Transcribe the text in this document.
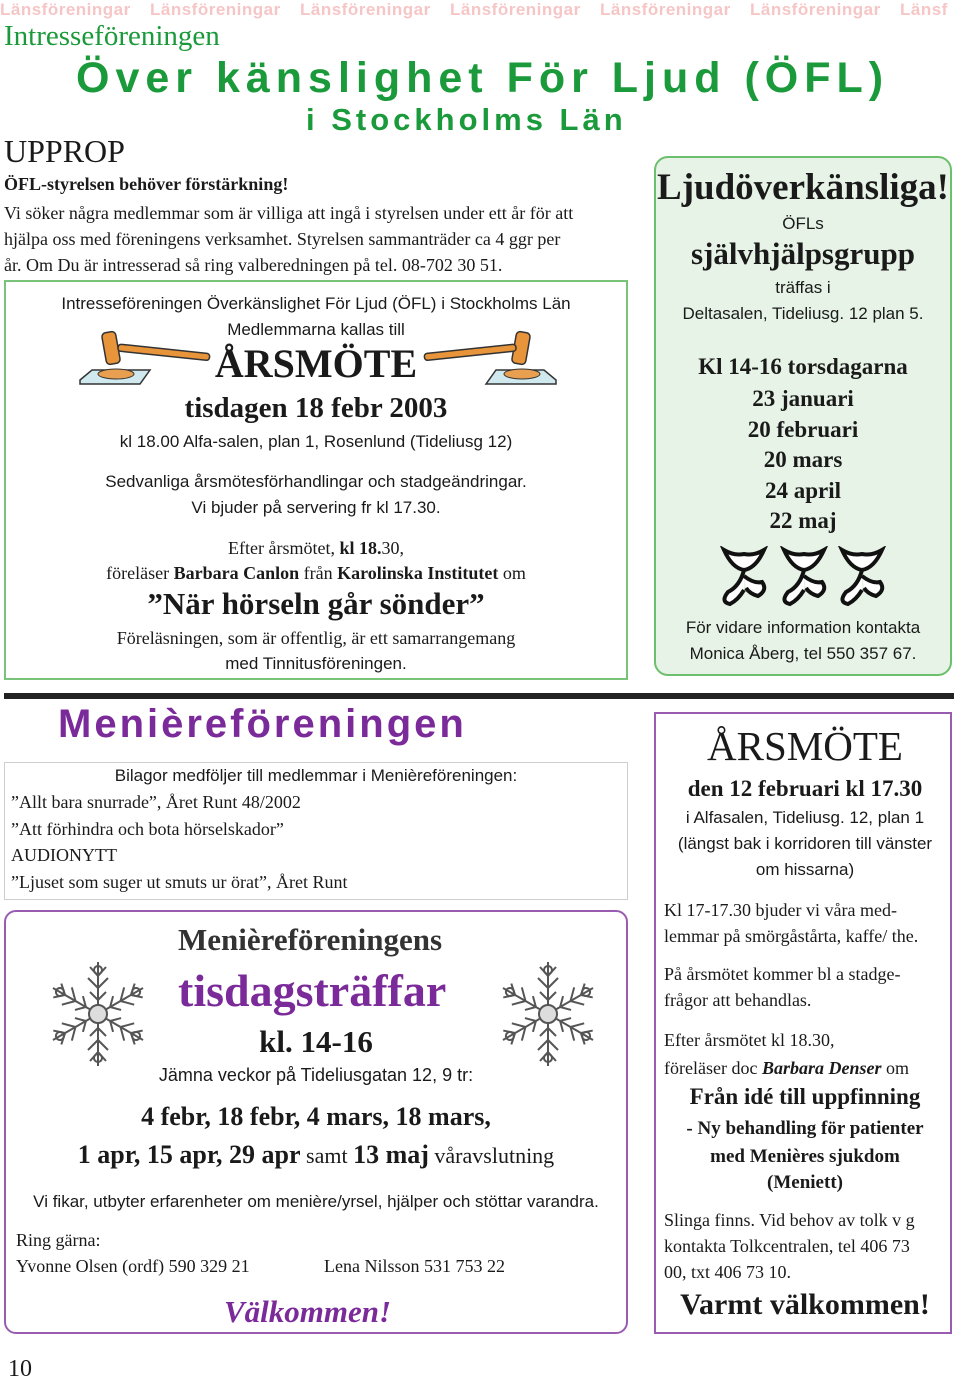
Länsföreningar Länsföreningar Länsföreningar Länsföreningar Länsföreningar Länsföreningar Länsf
Intresseföreningen
Över känslighet För Ljud (ÖFL)
i Stockholms Län
UPPROP
ÖFL-styrelsen behöver förstärkning!
Vi söker några medlemmar som är villiga att ingå i styrelsen under ett år för att
hjälpa oss med föreningens verksamhet. Styrelsen sammanträder ca 4 ggr per
år. Om Du är intresserad så ring valberedningen på tel. 08-702 30 51.
Intresseföreningen Överkänslighet För Ljud (ÖFL) i Stockholms Län
Medlemmarna kallas till
ÅRSMÖTE
tisdagen 18 febr 2003
kl 18.00 Alfa-salen, plan 1, Rosenlund (Tideliusg 12)
Sedvanliga årsmötesförhandlingar och stadgeändringar.
Vi bjuder på servering fr kl 17.30.
Efter årsmötet, kl 18.30,
föreläser Barbara Canlon från Karolinska Institutet om
”När hörseln går sönder”
Föreläsningen, som är offentlig, är ett samarrangemang
med Tinnitusföreningen.
Ljudöverkänsliga!
ÖFLs
självhjälpsgrupp
träffas i
Deltasalen, Tideliusg. 12 plan 5.
Kl 14-16 torsdagarna
23 januari
20 februari
20 mars
24 april
22 maj
För vidare information kontakta
Monica Åberg, tel 550 357 67.
Menièreföreningen
Bilagor medföljer till medlemmar i Menièreföreningen:
”Allt bara snurrade”, Året Runt 48/2002
”Att förhindra och bota hörselskador”
AUDIONYTT
”Ljuset som suger ut smuts ur örat”, Året Runt
Menièreföreningens
tisdagsträffar
kl. 14-16
Jämna veckor på Tideliusgatan 12, 9 tr:
4 febr, 18 febr, 4 mars, 18 mars,
1 apr, 15 apr, 29 apr samt 13 maj våravslutning
Vi fikar, utbyter erfarenheter om menière/yrsel, hjälper och stöttar varandra.
Ring gärna:
Yvonne Olsen (ordf) 590 329 21	Lena Nilsson 531 753 22
Välkommen!
ÅRSMÖTE
den 12 februari kl 17.30
i Alfasalen, Tideliusg. 12, plan 1
(längst bak i korridoren till vänster
om hissarna)
Kl 17-17.30 bjuder vi våra med-
lemmar på smörgåstårta, kaffe/ the.
På årsmötet kommer bl a stadge-
frågor att behandlas.
Efter årsmötet kl 18.30,
föreläser doc Barbara Denser om
Från idé till uppfinning
- Ny behandling för patienter
med Menières sjukdom
(Meniett)
Slinga finns. Vid behov av tolk v g
kontakta Tolkcentralen, tel 406 73
00, txt 406 73 10.
Varmt välkommen!
10
